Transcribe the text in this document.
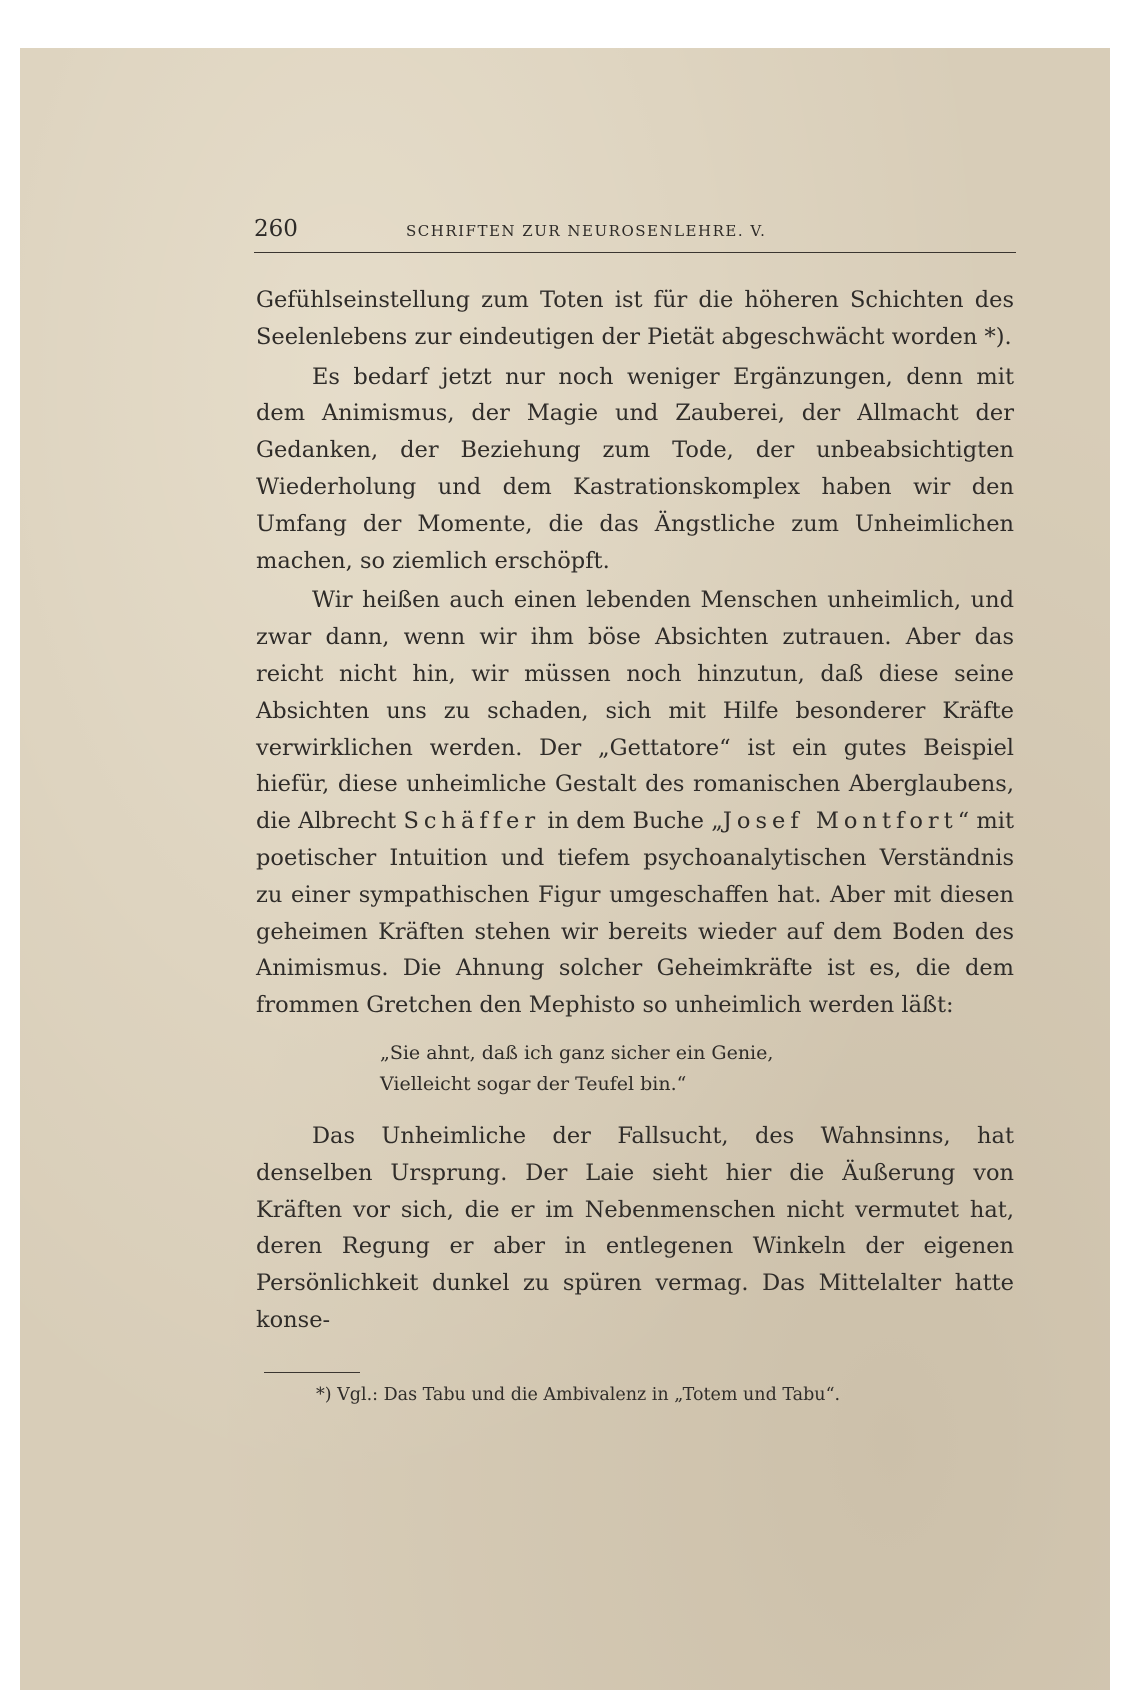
260	SCHRIFTEN ZUR NEUROSENLEHRE. V.

Gefühlseinstellung zum Toten ist für die höheren Schichten des Seelenlebens zur eindeutigen der Pietät abgeschwächt worden *).

Es bedarf jetzt nur noch weniger Ergänzungen, denn mit dem Animismus, der Magie und Zauberei, der Allmacht der Gedanken, der Beziehung zum Tode, der unbeabsichtigten Wiederholung und dem Kastrationskomplex haben wir den Umfang der Momente, die das Ängstliche zum Unheimlichen machen, so ziemlich erschöpft.

Wir heißen auch einen lebenden Menschen unheimlich, und zwar dann, wenn wir ihm böse Absichten zutrauen. Aber das reicht nicht hin, wir müssen noch hinzutun, daß diese seine Absichten uns zu schaden, sich mit Hilfe besonderer Kräfte verwirklichen werden. Der „Gettatore“ ist ein gutes Beispiel hiefür, diese unheimliche Gestalt des romanischen Aberglaubens, die Albrecht Schäffer in dem Buche „Josef Montfort“ mit poetischer Intuition und tiefem psychoanalytischen Verständnis zu einer sympathischen Figur umgeschaffen hat. Aber mit diesen geheimen Kräften stehen wir bereits wieder auf dem Boden des Animismus. Die Ahnung solcher Geheimkräfte ist es, die dem frommen Gretchen den Mephisto so unheimlich werden läßt:

„Sie ahnt, daß ich ganz sicher ein Genie,
Vielleicht sogar der Teufel bin.“

Das Unheimliche der Fallsucht, des Wahnsinns, hat denselben Ursprung. Der Laie sieht hier die Äußerung von Kräften vor sich, die er im Nebenmenschen nicht vermutet hat, deren Regung er aber in entlegenen Winkeln der eigenen Persönlichkeit dunkel zu spüren vermag. Das Mittelalter hatte konse-

*) Vgl.: Das Tabu und die Ambivalenz in „Totem und Tabu“.
